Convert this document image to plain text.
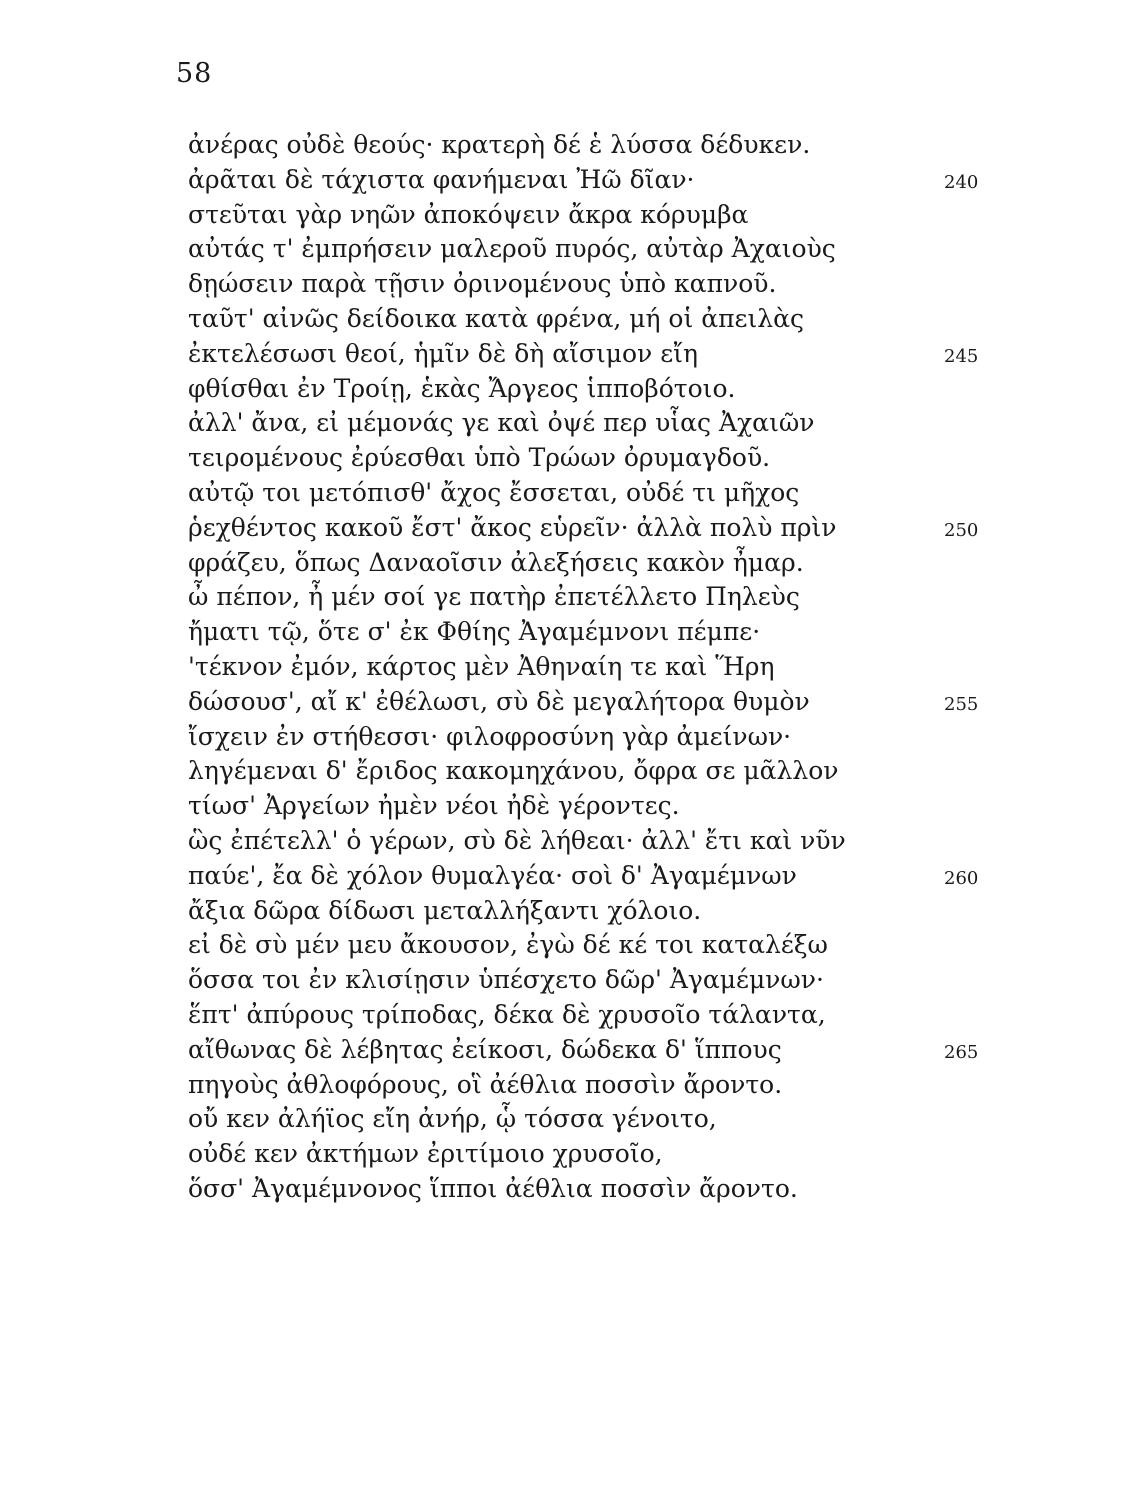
58
ἀνέρας οὐδὲ θεούς· κρατερὴ δέ ἑ λύσσα δέδυκεν.
ἀρᾶται δὲ τάχιστα φανήμεναι Ἠῶ δῖαν·	240
στεῦται γὰρ νηῶν ἀποκόψειν ἄκρα κόρυμβα
αὐτάς τ' ἐμπρήσειν μαλεροῦ πυρός, αὐτὰρ Ἀχαιοὺς
δῃώσειν παρὰ τῇσιν ὀρινομένους ὑπὸ καπνοῦ.
ταῦτ' αἰνῶς δείδοικα κατὰ φρένα, μή οἱ ἀπειλὰς
ἐκτελέσωσι θεοί, ἡμῖν δὲ δὴ αἴσιμον εἴη	245
φθίσθαι ἐν Τροίῃ, ἑκὰς Ἄργεος ἱπποβότοιο.
ἀλλ' ἄνα, εἰ μέμονάς γε καὶ ὀψέ περ υἷας Ἀχαιῶν
τειρομένους ἐρύεσθαι ὑπὸ Τρώων ὀρυμαγδοῦ.
αὐτῷ τοι μετόπισθ' ἄχος ἔσσεται, οὐδέ τι μῆχος
ῥεχθέντος κακοῦ ἔστ' ἄκος εὑρεῖν· ἀλλὰ πολὺ πρὶν	250
φράζευ, ὅπως Δαναοῖσιν ἀλεξήσεις κακὸν ἦμαρ.
ὦ πέπον, ἦ μέν σοί γε πατὴρ ἐπετέλλετο Πηλεὺς
ἤματι τῷ, ὅτε σ' ἐκ Φθίης Ἀγαμέμνονι πέμπε·
'τέκνον ἐμόν, κάρτος μὲν Ἀθηναίη τε καὶ Ἥρη
δώσουσ', αἴ κ' ἐθέλωσι, σὺ δὲ μεγαλήτορα θυμὸν	255
ἴσχειν ἐν στήθεσσι· φιλοφροσύνη γὰρ ἀμείνων·
ληγέμεναι δ' ἔριδος κακομηχάνου, ὄφρα σε μᾶλλον
τίωσ' Ἀργείων ἠμὲν νέοι ἠδὲ γέροντες.
ὣς ἐπέτελλ' ὁ γέρων, σὺ δὲ λήθεαι· ἀλλ' ἔτι καὶ νῦν
παύε', ἔα δὲ χόλον θυμαλγέα· σοὶ δ' Ἀγαμέμνων	260
ἄξια δῶρα δίδωσι μεταλλήξαντι χόλοιο.
εἰ δὲ σὺ μέν μευ ἄκουσον, ἐγὼ δέ κέ τοι καταλέξω
ὅσσα τοι ἐν κλισίῃσιν ὑπέσχετο δῶρ' Ἀγαμέμνων·
ἕπτ' ἀπύρους τρίποδας, δέκα δὲ χρυσοῖο τάλαντα,
αἴθωνας δὲ λέβητας ἐείκοσι, δώδεκα δ' ἵππους	265
πηγοὺς ἀθλοφόρους, οἳ ἀέθλια ποσσὶν ἄροντο.
οὔ κεν ἀλήϊος εἴη ἀνήρ, ᾧ τόσσα γένοιτο,
οὐδέ κεν ἀκτήμων ἐριτίμοιο χρυσοῖο,
ὅσσ' Ἀγαμέμνονος ἵπποι ἀέθλια ποσσὶν ἄροντο.
